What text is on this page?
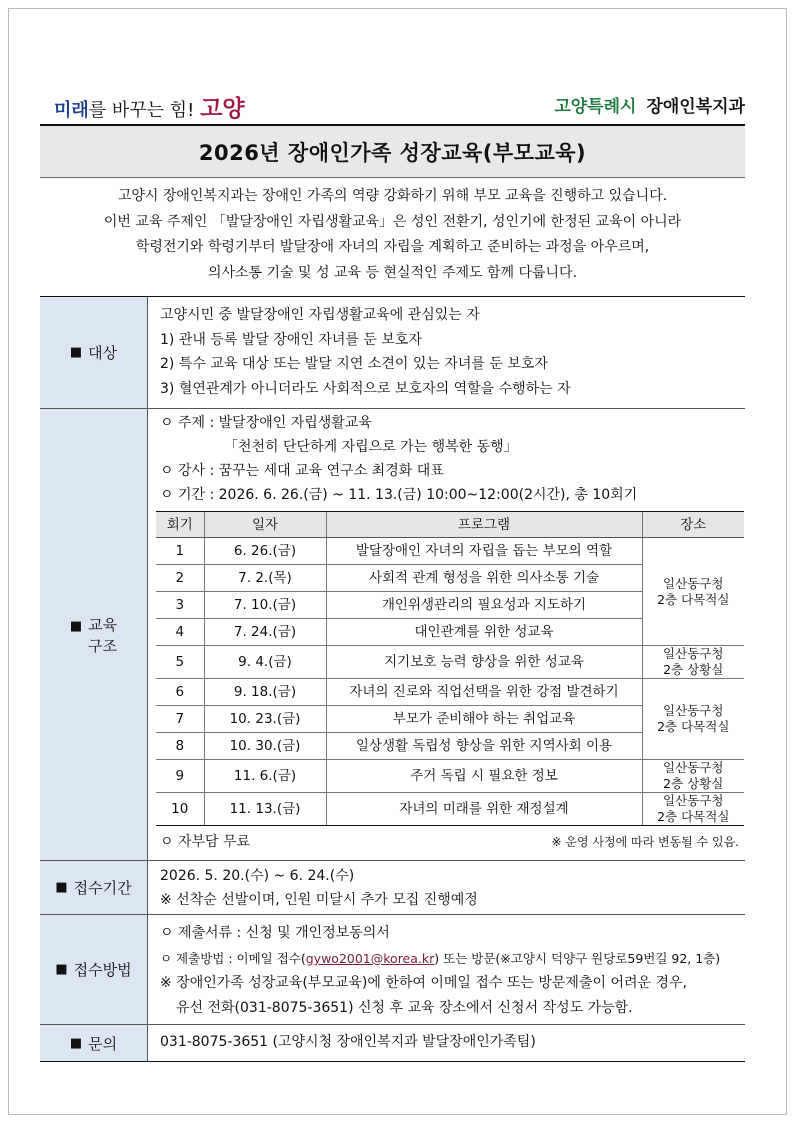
미래를 바꾸는 힘! 고양	고양특례시 장애인복지과
2026년 장애인가족 성장교육(부모교육)
고양시 장애인복지과는 장애인 가족의 역량 강화하기 위해 부모 교육을 진행하고 있습니다.
이번 교육 주제인 「발달장애인 자립생활교육」은 성인 전환기, 성인기에 한정된 교육이 아니라
학령전기와 학령기부터 발달장애 자녀의 자립을 계획하고 준비하는 과정을 아우르며,
의사소통 기술 및 성 교육 등 현실적인 주제도 함께 다룹니다.
■ 대상
고양시민 중 발달장애인 자립생활교육에 관심있는 자
1) 관내 등록 발달 장애인 자녀를 둔 보호자
2) 특수 교육 대상 또는 발달 지연 소견이 있는 자녀를 둔 보호자
3) 혈연관계가 아니더라도 사회적으로 보호자의 역할을 수행하는 자
■ 교육
구조
ㅇ 주제 : 발달장애인 자립생활교육
「천천히 단단하게 자립으로 가는 행복한 동행」
ㅇ 강사 : 꿈꾸는 세대 교육 연구소 최경화 대표
ㅇ 기간 : 2026. 6. 26.(금) ~ 11. 13.(금) 10:00~12:00(2시간), 총 10회기
회기	일자	프로그램	장소
1	6. 26.(금)	발달장애인 자녀의 자립을 돕는 부모의 역할	일산동구청
2층 다목적실

2	7. 2.(목)	사회적 관계 형성을 위한 의사소통 기술	
3	7. 10.(금)	개인위생관리의 필요성과 지도하기	
4	7. 24.(금)	대인관계를 위한 성교육	
5	9. 4.(금)	지기보호 능력 향상을 위한 성교육	일산동구청
2층 상황실

6	9. 18.(금)	자녀의 진로와 직업선택을 위한 강점 발견하기	일산동구청
2층 다목적실

7	10. 23.(금)	부모가 준비해야 하는 취업교육	
8	10. 30.(금)	일상생활 독립성 향상을 위한 지역사회 이용	
9	11. 6.(금)	주거 독립 시 필요한 정보	일산동구청
2층 상황실

10	11. 13.(금)	자녀의 미래를 위한 재정설계	일산동구청
2층 다목적실
ㅇ 자부담 무료	※ 운영 사정에 따라 변동될 수 있음.
■ 접수기간
2026. 5. 20.(수) ~ 6. 24.(수)
※ 선착순 선발이며, 인원 미달시 추가 모집 진행예정
■ 접수방법
ㅇ 제출서류 : 신청 및 개인정보동의서
ㅇ 제출방법 : 이메일 접수(gywo2001@korea.kr) 또는 방문(※고양시 덕양구 원당로59번길 92, 1층)
※ 장애인가족 성장교육(부모교육)에 한하여 이메일 접수 또는 방문제출이 어려운 경우,
유선 전화(031-8075-3651) 신청 후 교육 장소에서 신청서 작성도 가능함.
■ 문의	031-8075-3651 (고양시청 장애인복지과 발달장애인가족팀)
